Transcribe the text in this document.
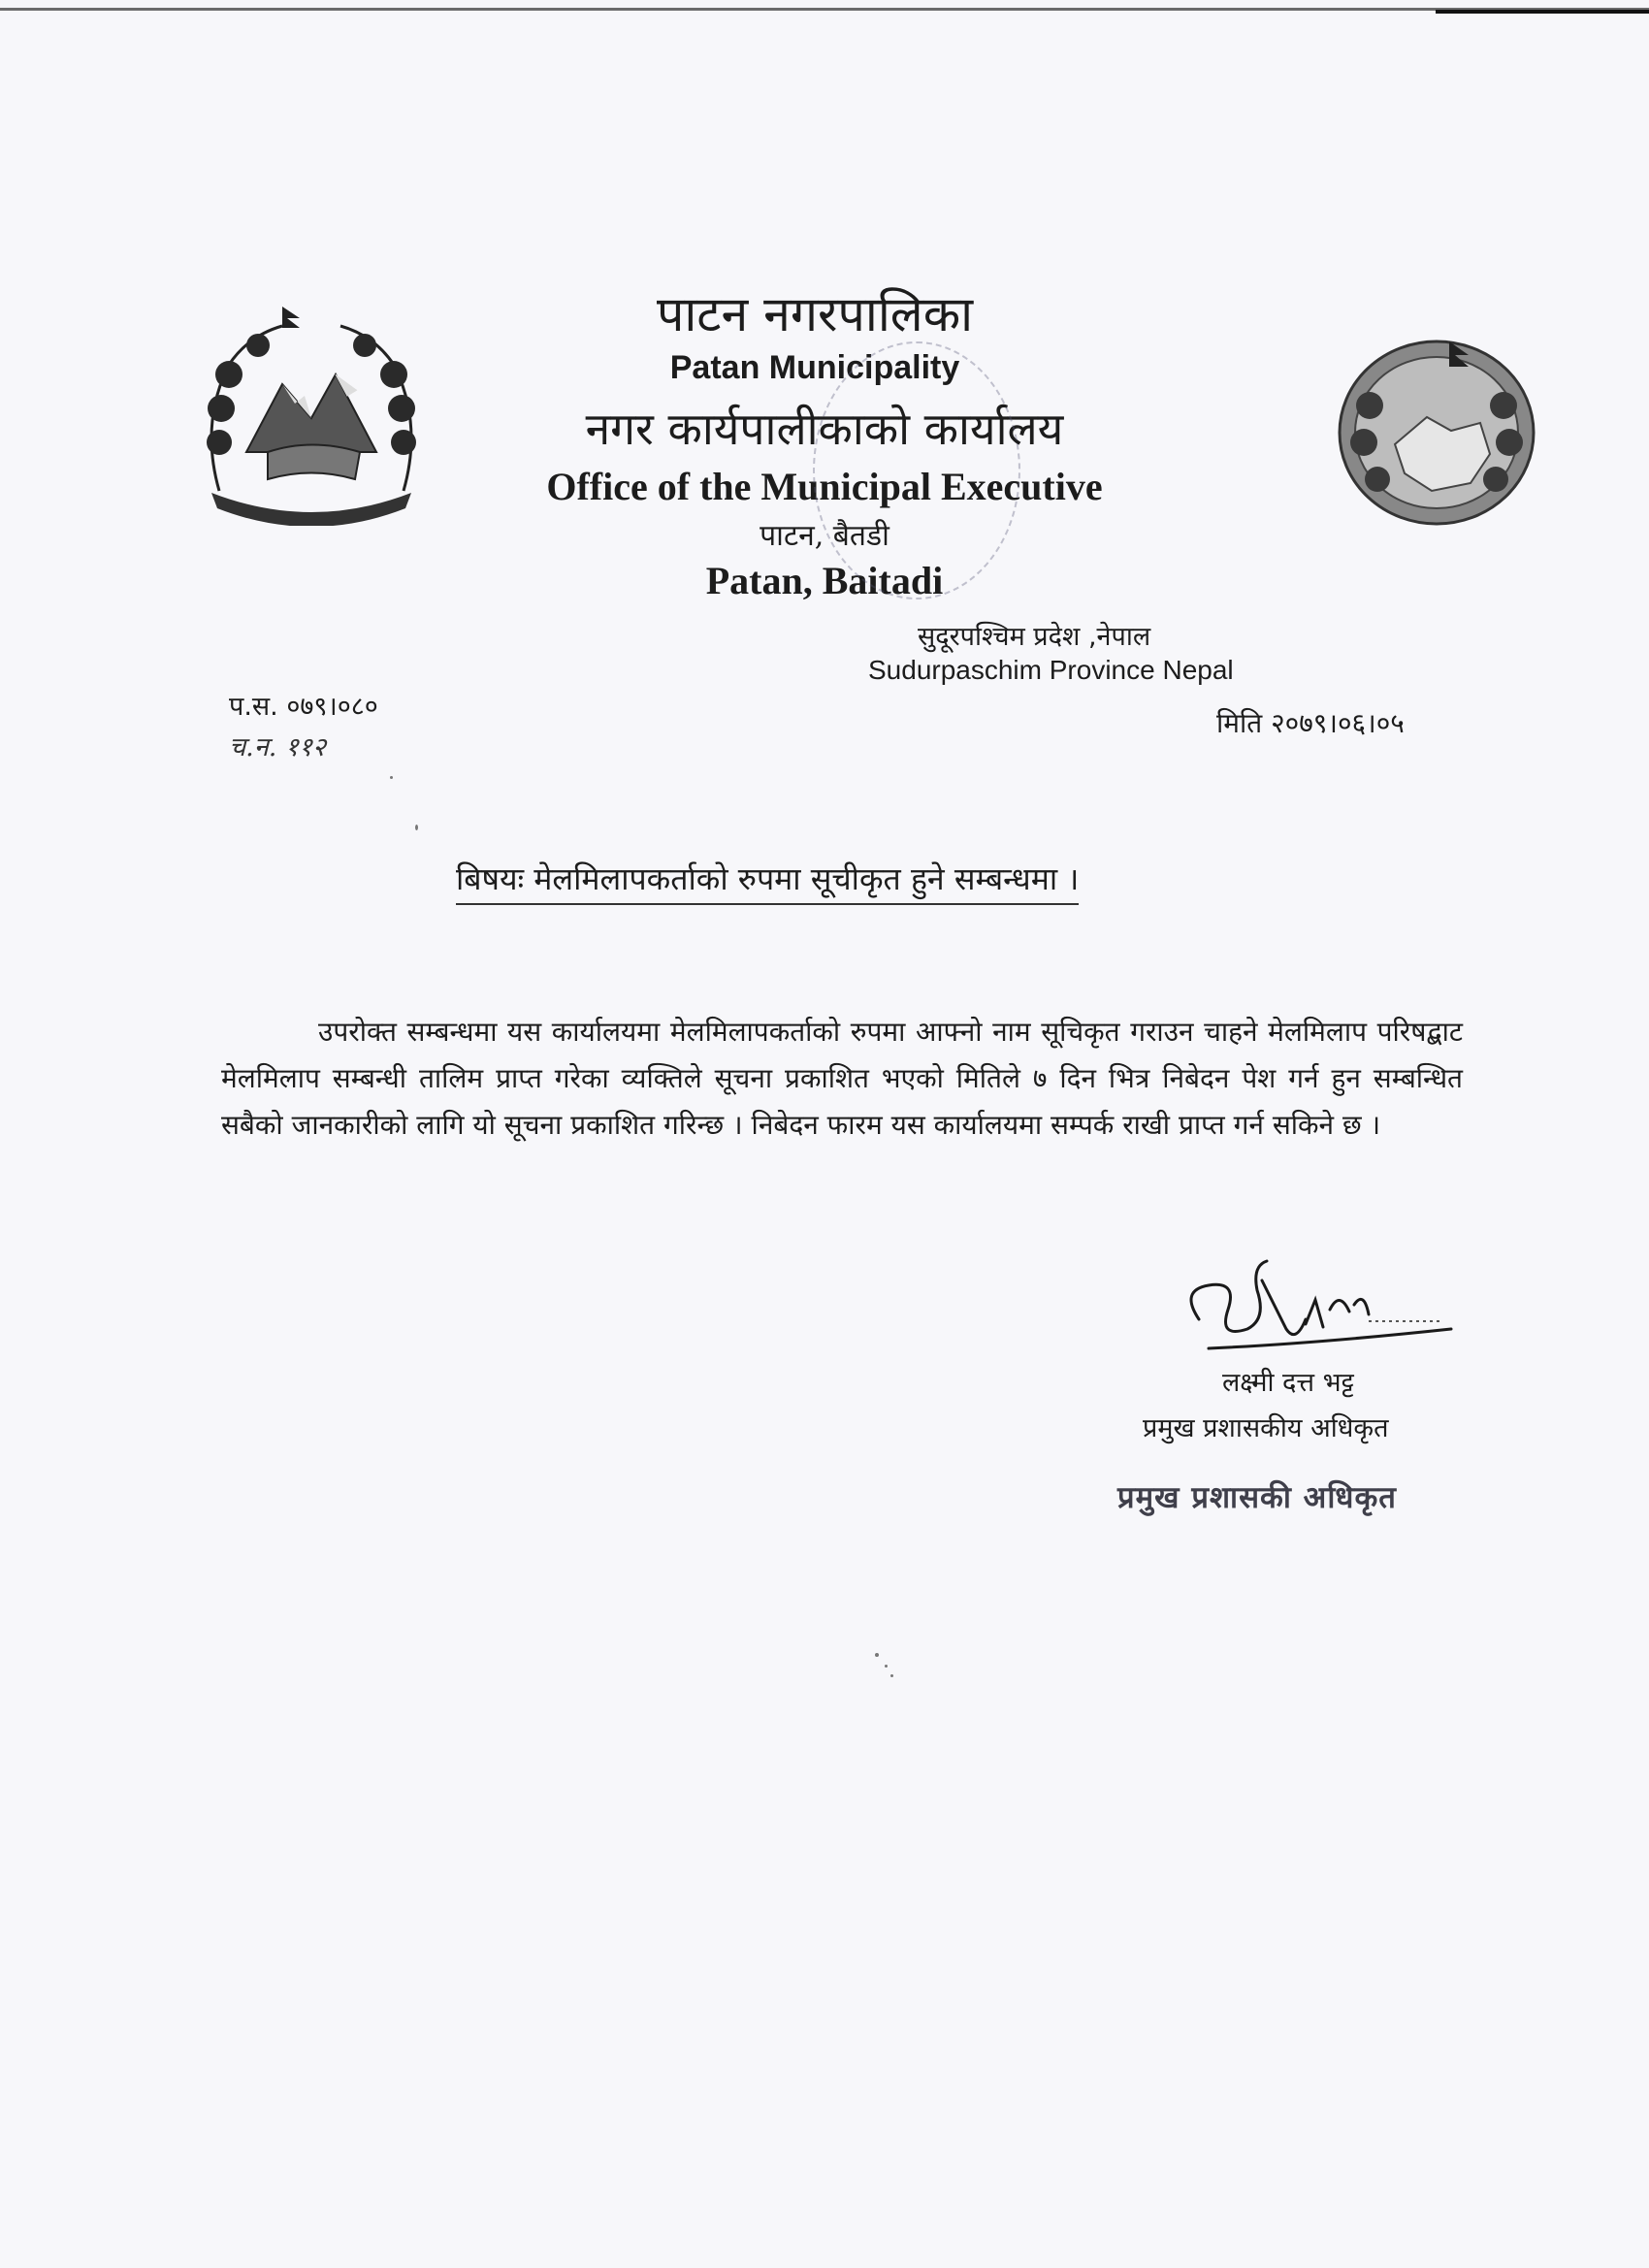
पाटन नगरपालिका
Patan Municipality
नगर कार्यपालीकाको कार्यालय
Office of the Municipal Executive
पाटन, बैतडी
Patan, Baitadi
सुदूरपश्चिम प्रदेश ,नेपाल
Sudurpaschim Province Nepal
प.स. ०७९।०८०
च.न. ११२
मिति २०७९।०६।०५
बिषयः मेलमिलापकर्ताको रुपमा सूचीकृत हुने सम्बन्धमा ।
उपरोक्त सम्बन्धमा यस कार्यालयमा मेलमिलापकर्ताको रुपमा आफ्नो नाम सूचिकृत गराउन चाहने मेलमिलाप परिषद्बाट मेलमिलाप सम्बन्धी तालिम प्राप्त गरेका व्यक्तिले सूचना प्रकाशित भएको मितिले ७ दिन भित्र निबेदन पेश गर्न हुन सम्बन्धित सबैको जानकारीको लागि यो सूचना प्रकाशित गरिन्छ । निबेदन फारम यस कार्यालयमा सम्पर्क राखी प्राप्त गर्न सकिने छ ।
लक्ष्मी दत्त भट्ट
प्रमुख प्रशासकीय अधिकृत
प्रमुख प्रशासकी अधिकृत
